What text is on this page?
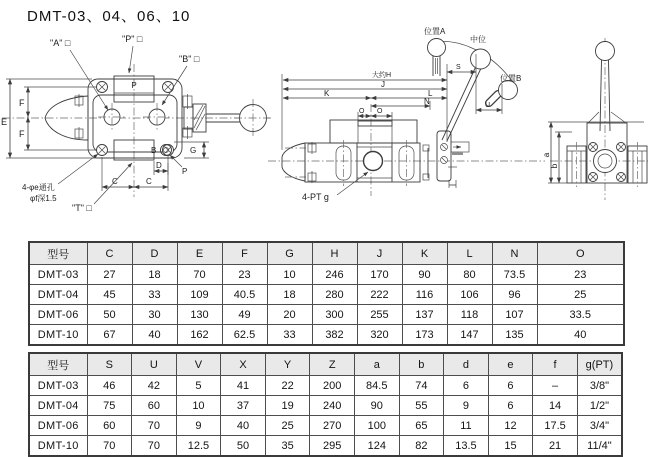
DMT-03、04、06、10
P
E
F
F
"A" □	"P" □
"B" □
"T" □
B	G
D
P
C	C
4-φe通孔
φf深1.5
位置A
中位
位置B
大约H
J
K	L
N
O O
S
U
4-PT g
a
b
型号	C	D	E	F	G	H	J	K	L	N	O
DMT-03	27	18	70	23	10	246	170	90	80	73.5	23
DMT-04	45	33	109	40.5	18	280	222	116	106	96	25
DMT-06	50	30	130	49	20	300	255	137	118	107	33.5
DMT-10	67	40	162	62.5	33	382	320	173	147	135	40
型号	S	U	V	X	Y	Z	a	b	d	e	f	g(PT)
DMT-03	46	42	5	41	22	200	84.5	74	6	6	–	3/8"
DMT-04	75	60	10	37	19	240	90	55	9	6	14	1/2"
DMT-06	60	70	9	40	25	270	100	65	11	12	17.5	3/4"
DMT-10	70	70	12.5	50	35	295	124	82	13.5	15	21	11/4"
